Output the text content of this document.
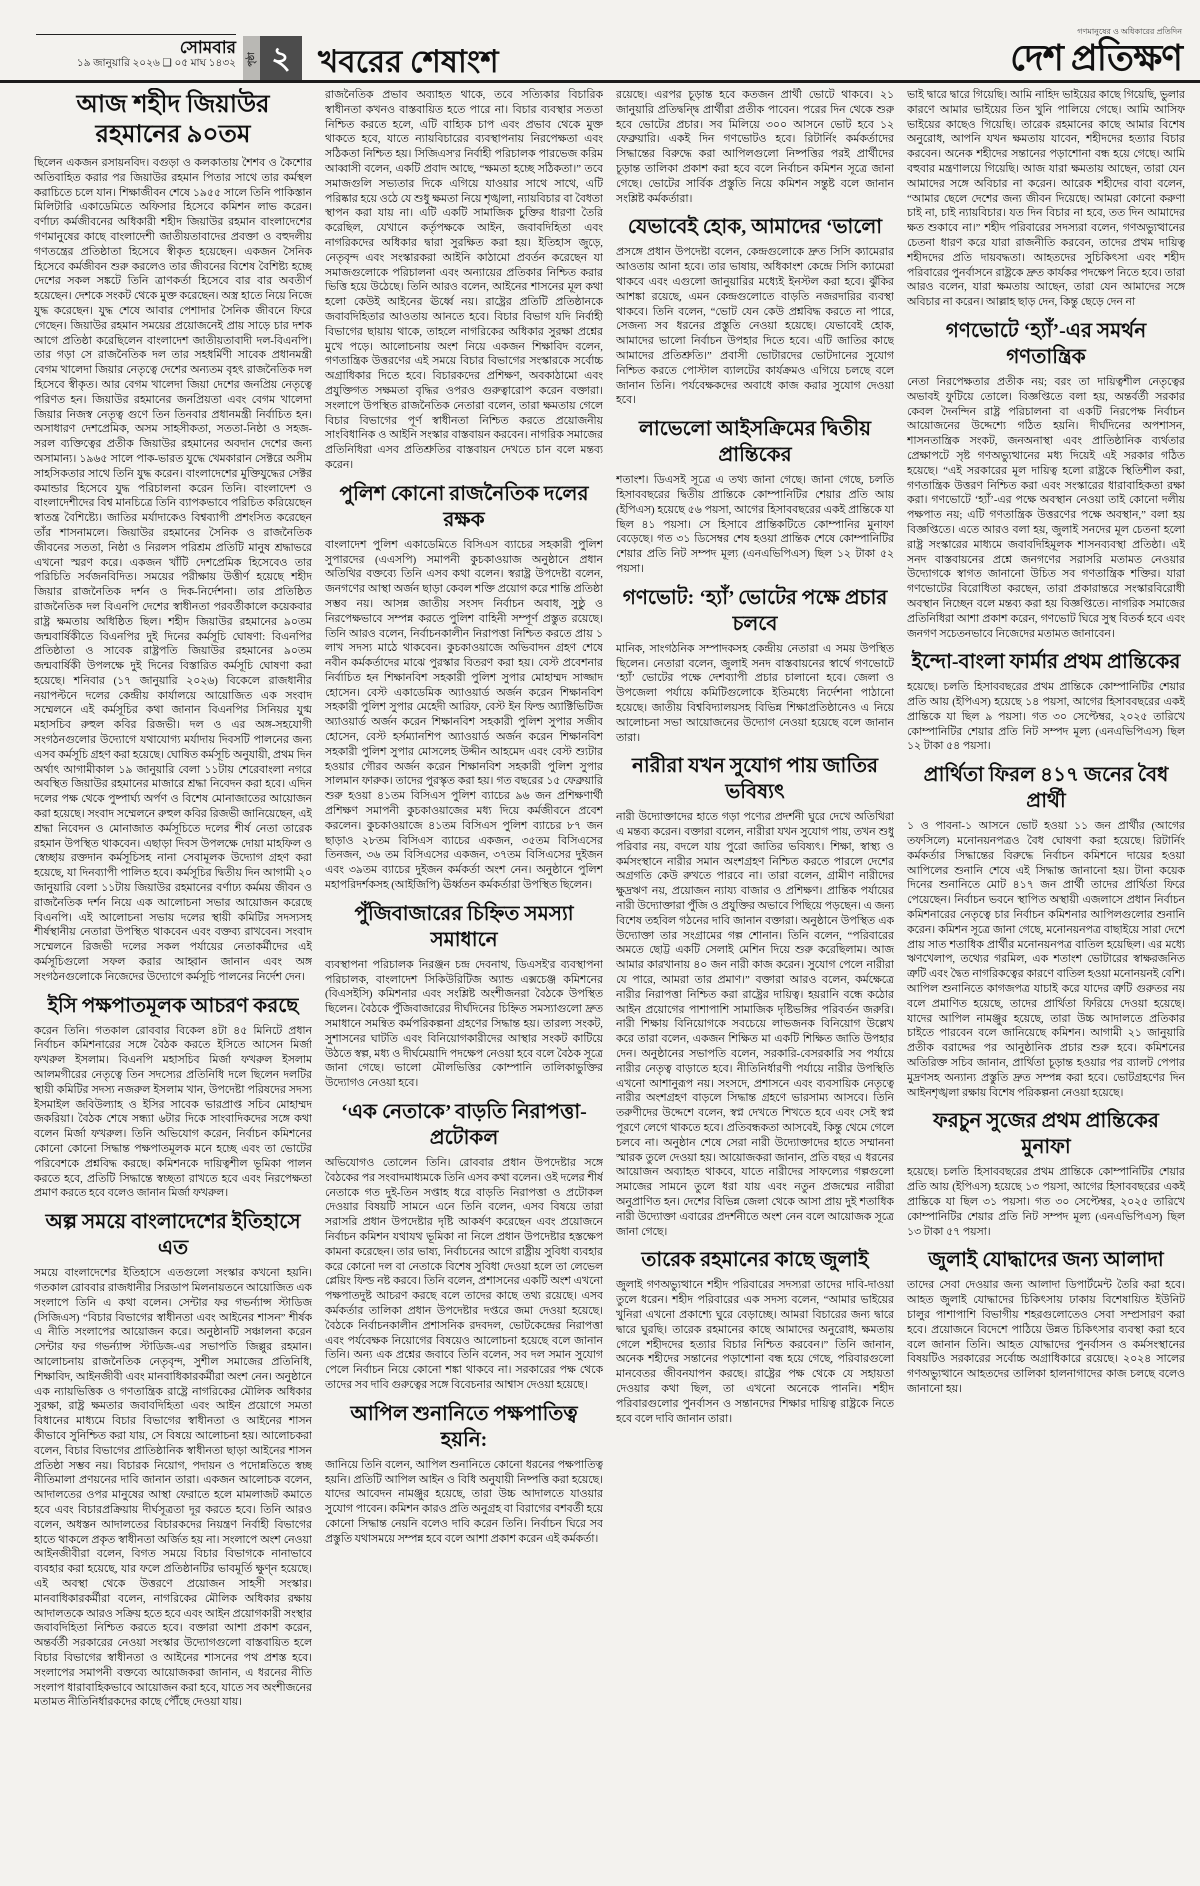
সোমবার
১৯ জানুয়ারি ২০২৬ ❑ ০৫ মাঘ ১৪৩২ পৃষ্ঠা ২ খবরের শেষাংশ
গণমানুষের ও অধিকারের প্রতিদিন
দেশ প্রতিক্ষণ
আজ শহীদ জিয়াউর রহমানের ৯০তম
ছিলেন একজন রসায়নবিদ। বগুড়া ও কলকাতায় শৈশব ও কৈশোর অতিবাহিত করার পর জিয়াউর রহমান পিতার সাথে তার কর্মস্থল করাচিতে চলে যান। শিক্ষাজীবন শেষে ১৯৫৫ সালে তিনি পাকিস্তান মিলিটারি একাডেমিতে অফিসার হিসেবে কমিশন লাভ করেন। বর্ণাঢ্য কর্মজীবনের অধিকারী শহীদ জিয়াউর রহমান বাংলাদেশের গণমানুষের কাছে বাংলাদেশী জাতীয়তাবাদের প্রবক্তা ও বহুদলীয় গণতন্ত্রের প্রতিষ্ঠাতা হিসেবে স্বীকৃত হয়েছেন। একজন সৈনিক হিসেবে কর্মজীবন শুরু করলেও তার জীবনের বিশেষ বৈশিষ্ট্য হচ্ছে দেশের সকল সঙ্কটে তিনি ত্রাণকর্তা হিসেবে বার বার অবতীর্ণ হয়েছেন। দেশকে সংকট থেকে মুক্ত করেছেন। অস্ত্র হাতে নিয়ে নিজে যুদ্ধ করেছেন। যুদ্ধ শেষে আবার পেশাদার সৈনিক জীবনে ফিরে গেছেন। জিয়াউর রহমান সময়ের প্রয়োজনেই প্রায় সাড়ে চার দশক আগে প্রতিষ্ঠা করেছিলেন বাংলাদেশ জাতীয়তাবাদী দল-বিএনপি। তার গড়া সে রাজনৈতিক দল তার সহধর্মিণী সাবেক প্রধানমন্ত্রী বেগম খালেদা জিয়ার নেতৃত্বে দেশের অন্যতম বৃহৎ রাজনৈতিক দল হিসেবে স্বীকৃত। আর বেগম খালেদা জিয়া দেশের জনপ্রিয় নেতৃত্বে পরিণত হন। জিয়াউর রহমানের জনপ্রিয়তা এবং বেগম খালেদা জিয়ার নিজস্ব নেতৃত্ব গুণে তিন তিনবার প্রধানমন্ত্রী নির্বাচিত হন। অসাধারণ দেশপ্রেমিক, অসম সাহসীকতা, সততা-নিষ্ঠা ও সহজ-সরল ব্যক্তিত্বের প্রতীক জিয়াউর রহমানের অবদান দেশের জন্য অসামান্য। ১৯৬৫ সালে পাক-ভারত যুদ্ধে খেমকারান সেক্টরে অসীম সাহসিকতার সাথে তিনি যুদ্ধ করেন। বাংলাদেশের মুক্তিযুদ্ধের সেক্টর কমান্ডার হিসেবে যুদ্ধ পরিচালনা করেন তিনি। বাংলাদেশ ও বাংলাদেশীদের বিশ্ব মানচিত্রে তিনি ব্যাপকভাবে পরিচিত করিয়েছেন স্বাতন্ত্র বৈশিষ্ট্যে। জাতির মর্যাদাকেও বিশ্বব্যাপী প্রশংসিত করেছেন তাঁর শাসনামলে। জিয়াউর রহমানের সৈনিক ও রাজনৈতিক জীবনের সততা, নিষ্ঠা ও নিরলস পরিশ্রম প্রতিটি মানুষ শ্রদ্ধাভরে এখনো স্মরণ করে। একজন খাঁটি দেশপ্রেমিক হিসেবেও তার পরিচিতি সর্বজনবিদিত। সময়ের পরীক্ষায় উত্তীর্ণ হয়েছে শহীদ জিয়ার রাজনৈতিক দর্শন ও দিক-নির্দেশনা। তার প্রতিষ্ঠিত রাজনৈতিক দল বিএনপি দেশের স্বাধীনতা পরবর্তীকালে কয়েকবার রাষ্ট্র ক্ষমতায় অধিষ্ঠিত ছিল। শহীদ জিয়াউর রহমানের ৯০তম জন্মবার্ষিকীতে বিএনপির দুই দিনের কর্মসূচি ঘোষণা: বিএনপির প্রতিষ্ঠাতা ও সাবেক রাষ্ট্রপতি জিয়াউর রহমানের ৯০তম জন্মবার্ষিকী উপলক্ষে দুই দিনের বিস্তারিত কর্মসূচি ঘোষণা করা হয়েছে। শনিবার (১৭ জানুয়ারি ২০২৬) বিকেলে রাজধানীর নয়াপল্টনে দলের কেন্দ্রীয় কার্যালয়ে আয়োজিত এক সংবাদ সম্মেলনে এই কর্মসূচির কথা জানান বিএনপির সিনিয়র যুগ্ম মহাসচিব রুহুল কবির রিজভী। দল ও এর অঙ্গ-সহযোগী সংগঠনগুলোর উদ্যোগে যথাযোগ্য মর্যাদায় দিবসটি পালনের জন্য এসব কর্মসূচি গ্রহণ করা হয়েছে। ঘোষিত কর্মসূচি অনুযায়ী, প্রথম দিন অর্থাৎ আগামীকাল ১৯ জানুয়ারি বেলা ১১টায় শেরেবাংলা নগরে অবস্থিত জিয়াউর রহমানের মাজারে শ্রদ্ধা নিবেদন করা হবে। এদিন দলের পক্ষ থেকে পুষ্পার্ঘ্য অর্পণ ও বিশেষ মোনাজাতের আয়োজন করা হয়েছে। সংবাদ সম্মেলনে রুহুল কবির রিজভী জানিয়েছেন, এই শ্রদ্ধা নিবেদন ও মোনাজাত কর্মসূচিতে দলের শীর্ষ নেতা তারেক রহমান উপস্থিত থাকবেন। এছাড়া দিবস উপলক্ষে দোয়া মাহফিল ও স্বেচ্ছায় রক্তদান কর্মসূচিসহ নানা সেবামূলক উদ্যোগ গ্রহণ করা হয়েছে, যা দিনব্যাপী পালিত হবে। কর্মসূচির দ্বিতীয় দিন আগামী ২০ জানুয়ারি বেলা ১১টায় জিয়াউর রহমানের বর্ণাঢ্য কর্মময় জীবন ও রাজনৈতিক দর্শন নিয়ে এক আলোচনা সভার আয়োজন করেছে বিএনপি। এই আলোচনা সভায় দলের স্থায়ী কমিটির সদস্যসহ শীর্ষস্থানীয় নেতারা উপস্থিত থাকবেন এবং বক্তব্য রাখবেন। সংবাদ সম্মেলনে রিজভী দলের সকল পর্যায়ের নেতাকর্মীদের এই কর্মসূচিগুলো সফল করার আহ্বান জানান এবং অঙ্গ সংগঠনগুলোকে নিজেদের উদ্যোগে কর্মসূচি পালনের নির্দেশ দেন।
ইসি পক্ষপাতমূলক আচরণ করছে
করেন তিনি। গতকাল রোববার বিকেল ৪টা ৪৫ মিনিটে প্রধান নির্বাচন কমিশনারের সঙ্গে বৈঠক করতে ইসিতে আসেন মির্জা ফখরুল ইসলাম। বিএনপি মহাসচিব মির্জা ফখরুল ইসলাম আলমগীরের নেতৃত্বে তিন সদস্যের প্রতিনিধি দলে ছিলেন দলটির স্থায়ী কমিটির সদস্য নজরুল ইসলাম খান, উপদেষ্টা পরিষদের সদস্য ইসমাইল জবিউল্যাহ ও ইসির সাবেক ভারপ্রাপ্ত সচিব মোহাম্মদ জকরিয়া। বৈঠক শেষে সন্ধ্যা ৬টার দিকে সাংবাদিকদের সঙ্গে কথা বলেন মির্জা ফখরুল। তিনি অভিযোগ করেন, নির্বাচন কমিশনের কোনো কোনো সিদ্ধান্ত পক্ষপাতমূলক মনে হচ্ছে এবং তা ভোটের পরিবেশকে প্রশ্নবিদ্ধ করছে। কমিশনকে দায়িত্বশীল ভূমিকা পালন করতে হবে, প্রতিটি সিদ্ধান্তে স্বচ্ছতা রাখতে হবে এবং নিরপেক্ষতা প্রমাণ করতে হবে বলেও জানান মির্জা ফখরুল।
অল্প সময়ে বাংলাদেশের ইতিহাসে এত
সময়ে বাংলাদেশের ইতিহাসে এতগুলো সংস্কার কখনো হয়নি। গতকাল রোববার রাজধানীর সিরডাপ মিলনায়তনে আয়োজিত এক সংলাপে তিনি এ কথা বলেন। সেন্টার ফর গভর্ন্যান্স স্টাডিজ (সিজিএস) “বিচার বিভাগের স্বাধীনতা এবং আইনের শাসন” শীর্ষক এ নীতি সংলাপের আয়োজন করে। অনুষ্ঠানটি সঞ্চালনা করেন সেন্টার ফর গভর্ন্যান্স স্টাডিজ-এর সভাপতি জিল্লুর রহমান। আলোচনায় রাজনৈতিক নেতৃবৃন্দ, সুশীল সমাজের প্রতিনিধি, শিক্ষাবিদ, আইনজীবী এবং মানবাধিকারকর্মীরা অংশ নেন। অনুষ্ঠানে এক ন্যায়ভিত্তিক ও গণতান্ত্রিক রাষ্ট্রে নাগরিকের মৌলিক অধিকার সুরক্ষা, রাষ্ট্র ক্ষমতার জবাবদিহিতা এবং আইন প্রয়োগে সমতা বিধানের মাধ্যমে বিচার বিভাগের স্বাধীনতা ও আইনের শাসন কীভাবে সুনিশ্চিত করা যায়, সে বিষয়ে আলোচনা হয়। আলোচকরা বলেন, বিচার বিভাগের প্রাতিষ্ঠানিক স্বাধীনতা ছাড়া আইনের শাসন প্রতিষ্ঠা সম্ভব নয়। বিচারক নিয়োগ, পদায়ন ও পদোন্নতিতে স্বচ্ছ নীতিমালা প্রণয়নের দাবি জানান তারা। একজন আলোচক বলেন, আদালতের ওপর মানুষের আস্থা ফেরাতে হলে মামলাজট কমাতে হবে এবং বিচারপ্রক্রিয়ায় দীর্ঘসূত্রতা দূর করতে হবে। তিনি আরও বলেন, অধস্তন আদালতের বিচারকদের নিয়ন্ত্রণ নির্বাহী বিভাগের হাতে থাকলে প্রকৃত স্বাধীনতা অর্জিত হয় না। সংলাপে অংশ নেওয়া আইনজীবীরা বলেন, বিগত সময়ে বিচার বিভাগকে নানাভাবে ব্যবহার করা হয়েছে, যার ফলে প্রতিষ্ঠানটির ভাবমূর্তি ক্ষুণ্ন হয়েছে। এই অবস্থা থেকে উত্তরণে প্রয়োজন সাহসী সংস্কার। মানবাধিকারকর্মীরা বলেন, নাগরিকের মৌলিক অধিকার রক্ষায় আদালতকে আরও সক্রিয় হতে হবে এবং আইন প্রয়োগকারী সংস্থার জবাবদিহিতা নিশ্চিত করতে হবে। বক্তারা আশা প্রকাশ করেন, অন্তর্বর্তী সরকারের নেওয়া সংস্কার উদ্যোগগুলো বাস্তবায়িত হলে বিচার বিভাগের স্বাধীনতা ও আইনের শাসনের পথ প্রশস্ত হবে। সংলাপের সমাপনী বক্তব্যে আয়োজকরা জানান, এ ধরনের নীতি সংলাপ ধারাবাহিকভাবে আয়োজন করা হবে, যাতে সব অংশীজনের মতামত নীতিনির্ধারকদের কাছে পৌঁছে দেওয়া যায়।
রাজনৈতিক প্রভাব অব্যাহত থাকে, তবে সত্যিকার বিচারিক স্বাধীনতা কখনও বাস্তবায়িত হতে পারে না। বিচার ব্যবস্থার সততা নিশ্চিত করতে হলে, এটি বাহ্যিক চাপ এবং প্রভাব থেকে মুক্ত থাকতে হবে, যাতে ন্যায়বিচারের ব্যবস্থাপনায় নিরপেক্ষতা এবং সঠিকতা নিশ্চিত হয়। সিজিএস'র নির্বাহী পরিচালক পারভেজ করিম আব্বাসী বলেন, একটি প্রবাদ আছে, “ক্ষমতা হচ্ছে সঠিকতা।” তবে সমাজগুলি সভ্যতার দিকে এগিয়ে যাওয়ার সাথে সাথে, এটি পরিষ্কার হয়ে ওঠে যে শুধু ক্ষমতা নিয়ে শৃঙ্খলা, ন্যায়বিচার বা বৈধতা স্থাপন করা যায় না। এটি একটি সামাজিক চুক্তির ধারণা তৈরি করেছিল, যেখানে কর্তৃপক্ষকে আইন, জবাবদিহিতা এবং নাগরিকদের অধিকার দ্বারা সুরক্ষিত করা হয়। ইতিহাস জুড়ে, নেতৃবৃন্দ এবং সংস্কারকরা আইনি কাঠামো প্রবর্তন করেছেন যা সমাজগুলোকে পরিচালনা এবং অন্যায়ের প্রতিকার নিশ্চিত করার ভিত্তি হয়ে উঠেছে। তিনি আরও বলেন, আইনের শাসনের মূল কথা হলো কেউই আইনের ঊর্ধ্বে নয়। রাষ্ট্রের প্রতিটি প্রতিষ্ঠানকে জবাবদিহিতার আওতায় আনতে হবে। বিচার বিভাগ যদি নির্বাহী বিভাগের ছায়ায় থাকে, তাহলে নাগরিকের অধিকার সুরক্ষা প্রশ্নের মুখে পড়ে। আলোচনায় অংশ নিয়ে একজন শিক্ষাবিদ বলেন, গণতান্ত্রিক উত্তরণের এই সময়ে বিচার বিভাগের সংস্কারকে সর্বোচ্চ অগ্রাধিকার দিতে হবে। বিচারকদের প্রশিক্ষণ, অবকাঠামো এবং প্রযুক্তিগত সক্ষমতা বৃদ্ধির ওপরও গুরুত্বারোপ করেন বক্তারা। সংলাপে উপস্থিত রাজনৈতিক নেতারা বলেন, তারা ক্ষমতায় গেলে বিচার বিভাগের পূর্ণ স্বাধীনতা নিশ্চিত করতে প্রয়োজনীয় সাংবিধানিক ও আইনি সংস্কার বাস্তবায়ন করবেন। নাগরিক সমাজের প্রতিনিধিরা এসব প্রতিশ্রুতির বাস্তবায়ন দেখতে চান বলে মন্তব্য করেন।
পুলিশ কোনো রাজনৈতিক দলের রক্ষক
বাংলাদেশ পুলিশ একাডেমিতে বিসিএস ব্যাচের সহকারী পুলিশ সুপারদের (এএসপি) সমাপনী কুচকাওয়াজ অনুষ্ঠানে প্রধান অতিথির বক্তব্যে তিনি এসব কথা বলেন। স্বরাষ্ট্র উপদেষ্টা বলেন, জনগণের আস্থা অর্জন ছাড়া কেবল শক্তি প্রয়োগ করে শান্তি প্রতিষ্ঠা সম্ভব নয়। আসন্ন জাতীয় সংসদ নির্বাচন অবাধ, সুষ্ঠু ও নিরপেক্ষভাবে সম্পন্ন করতে পুলিশ বাহিনী সম্পূর্ণ প্রস্তুত রয়েছে। তিনি আরও বলেন, নির্বাচনকালীন নিরাপত্তা নিশ্চিত করতে প্রায় ১ লাখ সদস্য মাঠে থাকবেন। কুচকাওয়াজে অভিবাদন গ্রহণ শেষে নবীন কর্মকর্তাদের মাঝে পুরস্কার বিতরণ করা হয়। বেস্ট প্রবেশনার নির্বাচিত হন শিক্ষানবিশ সহকারী পুলিশ সুপার মোহাম্মদ সাজ্জাদ হোসেন। বেস্ট একাডেমিক অ্যাওয়ার্ড অর্জন করেন শিক্ষানবিশ সহকারী পুলিশ সুপার মেহেদী আরিফ, বেস্ট ইন ফিল্ড অ্যাক্টিভিটিজ অ্যাওয়ার্ড অর্জন করেন শিক্ষানবিশ সহকারী পুলিশ সুপার সজীব হোসেন, বেস্ট হর্সম্যানশিপ অ্যাওয়ার্ড অর্জন করেন শিক্ষানবিশ সহকারী পুলিশ সুপার মোসলেহ উদ্দীন আহমেদ এবং বেস্ট শ্যুটার হওয়ার গৌরব অর্জন করেন শিক্ষানবিশ সহকারী পুলিশ সুপার সালমান ফারুক। তাদের পুরস্কৃত করা হয়। গত বছরের ১৫ ফেব্রুয়ারি শুরু হওয়া ৪১তম বিসিএস পুলিশ ব্যাচের ৯৬ জন প্রশিক্ষণার্থী প্রশিক্ষণ সমাপনী কুচকাওয়াজের মধ্য দিয়ে কর্মজীবনে প্রবেশ করলেন। কুচকাওয়াজে ৪১তম বিসিএস পুলিশ ব্যাচের ৮৭ জন ছাড়াও ২৮তম বিসিএস ব্যাচের একজন, ৩৫তম বিসিএসের তিনজন, ৩৬ তম বিসিএসের একজন, ৩৭তম বিসিএসের দুইজন এবং ৩৯তম ব্যাচের দুইজন কর্মকর্তা অংশ নেন। অনুষ্ঠানে পুলিশ মহাপরিদর্শকসহ (আইজিপি) ঊর্ধ্বতন কর্মকর্তারা উপস্থিত ছিলেন।
পুঁজিবাজারের চিহ্নিত সমস্যা সমাধানে
ব্যবস্থাপনা পরিচালক নিরঞ্জন চন্দ্র দেবনাথ, ডিএসই'র ব্যবস্থাপনা পরিচালক, বাংলাদেশ সিকিউরিটিজ অ্যান্ড এক্সচেঞ্জ কমিশনের (বিএসইসি) কমিশনার এবং সংশ্লিষ্ট অংশীজনরা বৈঠকে উপস্থিত ছিলেন। বৈঠকে পুঁজিবাজারের দীর্ঘদিনের চিহ্নিত সমস্যাগুলো দ্রুত সমাধানে সমন্বিত কর্মপরিকল্পনা গ্রহণের সিদ্ধান্ত হয়। তারল্য সংকট, সুশাসনের ঘাটতি এবং বিনিয়োগকারীদের আস্থার সংকট কাটিয়ে উঠতে স্বল্প, মধ্য ও দীর্ঘমেয়াদি পদক্ষেপ নেওয়া হবে বলে বৈঠক সূত্রে জানা গেছে। ভালো মৌলভিত্তির কোম্পানি তালিকাভুক্তির উদ্যোগও নেওয়া হবে।
‘এক নেতাকে’ বাড়তি নিরাপত্তা-প্রটোকল
অভিযোগও তোলেন তিনি। রোববার প্রধান উপদেষ্টার সঙ্গে বৈঠকের পর সংবাদমাধ্যমকে তিনি এসব কথা বলেন। ওই দলের শীর্ষ নেতাকে গত দুই-তিন সপ্তাহ ধরে বাড়তি নিরাপত্তা ও প্রটোকল দেওয়ার বিষয়টি সামনে এনে তিনি বলেন, এসব বিষয়ে তারা সরাসরি প্রধান উপদেষ্টার দৃষ্টি আকর্ষণ করেছেন এবং প্রয়োজনে নির্বাচন কমিশন যথাযথ ভূমিকা না নিলে প্রধান উপদেষ্টার হস্তক্ষেপ কামনা করেছেন। তার ভাষ্য, নির্বাচনের আগে রাষ্ট্রীয় সুবিধা ব্যবহার করে কোনো দল বা নেতাকে বিশেষ সুবিধা দেওয়া হলে তা লেভেল প্লেয়িং ফিল্ড নষ্ট করবে। তিনি বলেন, প্রশাসনের একটি অংশ এখনো পক্ষপাতদুষ্ট আচরণ করছে বলে তাদের কাছে তথ্য রয়েছে। এসব কর্মকর্তার তালিকা প্রধান উপদেষ্টার দপ্তরে জমা দেওয়া হয়েছে। বৈঠকে নির্বাচনকালীন প্রশাসনিক রদবদল, ভোটকেন্দ্রের নিরাপত্তা এবং পর্যবেক্ষক নিয়োগের বিষয়েও আলোচনা হয়েছে বলে জানান তিনি। অন্য এক প্রশ্নের জবাবে তিনি বলেন, সব দল সমান সুযোগ পেলে নির্বাচন নিয়ে কোনো শঙ্কা থাকবে না। সরকারের পক্ষ থেকে তাদের সব দাবি গুরুত্বের সঙ্গে বিবেচনার আশ্বাস দেওয়া হয়েছে।
আপিল শুনানিতে পক্ষপাতিত্ব হয়নি:
জানিয়ে তিনি বলেন, আপিল শুনানিতে কোনো ধরনের পক্ষপাতিত্ব হয়নি। প্রতিটি আপিল আইন ও বিধি অনুযায়ী নিষ্পত্তি করা হয়েছে। যাদের আবেদন নামঞ্জুর হয়েছে, তারা উচ্চ আদালতে যাওয়ার সুযোগ পাবেন। কমিশন কারও প্রতি অনুগ্রহ বা বিরাগের বশবর্তী হয়ে কোনো সিদ্ধান্ত নেয়নি বলেও দাবি করেন তিনি। নির্বাচন ঘিরে সব প্রস্তুতি যথাসময়ে সম্পন্ন হবে বলে আশা প্রকাশ করেন এই কর্মকর্তা।
রয়েছে। এরপর চূড়ান্ত হবে কতজন প্রার্থী ভোটে থাকবে। ২১ জানুয়ারি প্রতিদ্বন্দ্বি প্রার্থীরা প্রতীক পাবেন। পরের দিন থেকে শুরু হবে ভোটের প্রচার। সব মিলিয়ে ৩০০ আসনে ভোট হবে ১২ ফেব্রুয়ারি। একই দিন গণভোটও হবে। রিটার্নিং কর্মকর্তাদের সিদ্ধান্তের বিরুদ্ধে করা আপিলগুলো নিষ্পত্তির পরই প্রার্থীদের চূড়ান্ত তালিকা প্রকাশ করা হবে বলে নির্বাচন কমিশন সূত্রে জানা গেছে। ভোটের সার্বিক প্রস্তুতি নিয়ে কমিশন সন্তুষ্ট বলে জানান সংশ্লিষ্ট কর্মকর্তারা।
যেভাবেই হোক, আমাদের ‘ভালো
প্রসঙ্গে প্রধান উপদেষ্টা বলেন, কেন্দ্রগুলোকে দ্রুত সিসি ক্যামেরার আওতায় আনা হবে। তার ভাষায়, অধিকাংশ কেন্দ্রে সিসি ক্যামেরা থাকবে এবং এগুলো জানুয়ারির মধ্যেই ইনস্টল করা হবে। ঝুঁকির আশঙ্কা রয়েছে, এমন কেন্দ্রগুলোতে বাড়তি নজরদারির ব্যবস্থা থাকবে। তিনি বলেন, “ভোট যেন কেউ প্রশ্নবিদ্ধ করতে না পারে, সেজন্য সব ধরনের প্রস্তুতি নেওয়া হয়েছে। যেভাবেই হোক, আমাদের ভালো নির্বাচন উপহার দিতে হবে। এটি জাতির কাছে আমাদের প্রতিশ্রুতি।” প্রবাসী ভোটারদের ভোটদানের সুযোগ নিশ্চিত করতে পোস্টাল ব্যালটের কার্যক্রমও এগিয়ে চলছে বলে জানান তিনি। পর্যবেক্ষকদের অবাধে কাজ করার সুযোগ দেওয়া হবে।
লাভেলো আইসক্রিমের দ্বিতীয় প্রান্তিকের
শতাংশ। ডিএসই সূত্রে এ তথ্য জানা গেছে। জানা গেছে, চলতি হিসাববছরের দ্বিতীয় প্রান্তিকে কোম্পানিটির শেয়ার প্রতি আয় (ইপিএস) হয়েছে ৫৬ পয়সা, আগের হিসাববছরের একই প্রান্তিকে যা ছিল ৪১ পয়সা। সে হিসাবে প্রান্তিকটিতে কোম্পানির মুনাফা বেড়েছে। গত ৩১ ডিসেম্বর শেষ হওয়া প্রান্তিক শেষে কোম্পানিটির শেয়ার প্রতি নিট সম্পদ মূল্য (এনএভিপিএস) ছিল ১২ টাকা ৫২ পয়সা।
গণভোট: ‘হ্যাঁ’ ভোটের পক্ষে প্রচার চলবে
মানিক, সাংগঠনিক সম্পাদকসহ কেন্দ্রীয় নেতারা এ সময় উপস্থিত ছিলেন। নেতারা বলেন, জুলাই সনদ বাস্তবায়নের স্বার্থে গণভোটে ‘হ্যাঁ’ ভোটের পক্ষে দেশব্যাপী প্রচার চালানো হবে। জেলা ও উপজেলা পর্যায়ে কমিটিগুলোকে ইতিমধ্যে নির্দেশনা পাঠানো হয়েছে। জাতীয় বিশ্ববিদ্যালয়সহ বিভিন্ন শিক্ষাপ্রতিষ্ঠানেও এ নিয়ে আলোচনা সভা আয়োজনের উদ্যোগ নেওয়া হয়েছে বলে জানান তারা।
নারীরা যখন সুযোগ পায় জাতির ভবিষ্যৎ
নারী উদ্যোক্তাদের হাতে গড়া পণ্যের প্রদর্শনী ঘুরে দেখে অতিথিরা এ মন্তব্য করেন। বক্তারা বলেন, নারীরা যখন সুযোগ পায়, তখন শুধু পরিবার নয়, বদলে যায় পুরো জাতির ভবিষ্যৎ। শিক্ষা, স্বাস্থ্য ও কর্মসংস্থানে নারীর সমান অংশগ্রহণ নিশ্চিত করতে পারলে দেশের অগ্রগতি কেউ রুখতে পারবে না। তারা বলেন, গ্রামীণ নারীদের ক্ষুদ্রঋণ নয়, প্রয়োজন ন্যায্য বাজার ও প্রশিক্ষণ। প্রান্তিক পর্যায়ের নারী উদ্যোক্তারা পুঁজি ও প্রযুক্তির অভাবে পিছিয়ে পড়ছেন। এ জন্য বিশেষ তহবিল গঠনের দাবি জানান বক্তারা। অনুষ্ঠানে উপস্থিত এক উদ্যোক্তা তার সংগ্রামের গল্প শোনান। তিনি বলেন, “পরিবারের অমতে ছোট্ট একটি সেলাই মেশিন দিয়ে শুরু করেছিলাম। আজ আমার কারখানায় ৪০ জন নারী কাজ করেন। সুযোগ পেলে নারীরা যে পারে, আমরা তার প্রমাণ।” বক্তারা আরও বলেন, কর্মক্ষেত্রে নারীর নিরাপত্তা নিশ্চিত করা রাষ্ট্রের দায়িত্ব। হয়রানি বন্ধে কঠোর আইন প্রয়োগের পাশাপাশি সামাজিক দৃষ্টিভঙ্গির পরিবর্তন জরুরি। নারী শিক্ষায় বিনিয়োগকে সবচেয়ে লাভজনক বিনিয়োগ উল্লেখ করে তারা বলেন, একজন শিক্ষিত মা একটি শিক্ষিত জাতি উপহার দেন। অনুষ্ঠানের সভাপতি বলেন, সরকারি-বেসরকারি সব পর্যায়ে নারীর নেতৃত্ব বাড়াতে হবে। নীতিনির্ধারণী পর্যায়ে নারীর উপস্থিতি এখনো আশানুরূপ নয়। সংসদে, প্রশাসনে এবং ব্যবসায়িক নেতৃত্বে নারীর অংশগ্রহণ বাড়লে সিদ্ধান্ত গ্রহণে ভারসাম্য আসবে। তিনি তরুণীদের উদ্দেশে বলেন, স্বপ্ন দেখতে শিখতে হবে এবং সেই স্বপ্ন পূরণে লেগে থাকতে হবে। প্রতিবন্ধকতা আসবেই, কিন্তু থেমে গেলে চলবে না। অনুষ্ঠান শেষে সেরা নারী উদ্যোক্তাদের হাতে সম্মাননা স্মারক তুলে দেওয়া হয়। আয়োজকরা জানান, প্রতি বছর এ ধরনের আয়োজন অব্যাহত থাকবে, যাতে নারীদের সাফল্যের গল্পগুলো সমাজের সামনে তুলে ধরা যায় এবং নতুন প্রজন্মের নারীরা অনুপ্রাণিত হন। দেশের বিভিন্ন জেলা থেকে আসা প্রায় দুই শতাধিক নারী উদ্যোক্তা এবারের প্রদর্শনীতে অংশ নেন বলে আয়োজক সূত্রে জানা গেছে।
তারেক রহমানের কাছে জুলাই
জুলাই গণঅভ্যুত্থানে শহীদ পরিবারের সদস্যরা তাদের দাবি-দাওয়া তুলে ধরেন। শহীদ পরিবারের এক সদস্য বলেন, “আমার ভাইয়ের খুনিরা এখনো প্রকাশ্যে ঘুরে বেড়াচ্ছে। আমরা বিচারের জন্য দ্বারে দ্বারে ঘুরছি। তারেক রহমানের কাছে আমাদের অনুরোধ, ক্ষমতায় গেলে শহীদদের হত্যার বিচার নিশ্চিত করবেন।” তিনি জানান, অনেক শহীদের সন্তানের পড়াশোনা বন্ধ হয়ে গেছে, পরিবারগুলো মানবেতর জীবনযাপন করছে। রাষ্ট্রের পক্ষ থেকে যে সহায়তা দেওয়ার কথা ছিল, তা এখনো অনেকে পাননি। শহীদ পরিবারগুলোর পুনর্বাসন ও সন্তানদের শিক্ষার দায়িত্ব রাষ্ট্রকে নিতে হবে বলে দাবি জানান তারা।
ভাই দ্বারে দ্বারে গিয়েছি। আমি নাহিদ ভাইয়ের কাছে গিয়েছি, ভুলার কারণে আমার ভাইয়ের তিন খুনি পালিয়ে গেছে। আমি আসিফ ভাইয়ের কাছেও গিয়েছি। তারেক রহমানের কাছে আমার বিশেষ অনুরোধ, আপনি যখন ক্ষমতায় যাবেন, শহীদদের হত্যার বিচার করবেন। অনেক শহীদের সন্তানের পড়াশোনা বন্ধ হয়ে গেছে। আমি বহুবার মন্ত্রণালয়ে গিয়েছি। আজ যারা ক্ষমতায় আছেন, তারা যেন আমাদের সঙ্গে অবিচার না করেন। আরেক শহীদের বাবা বলেন, “আমার ছেলে দেশের জন্য জীবন দিয়েছে। আমরা কোনো করুণা চাই না, চাই ন্যায়বিচার। যত দিন বিচার না হবে, তত দিন আমাদের ক্ষত শুকাবে না।” শহীদ পরিবারের সদস্যরা বলেন, গণঅভ্যুত্থানের চেতনা ধারণ করে যারা রাজনীতি করবেন, তাদের প্রথম দায়িত্ব শহীদদের প্রতি দায়বদ্ধতা। আহতদের সুচিকিৎসা এবং শহীদ পরিবারের পুনর্বাসনে রাষ্ট্রকে দ্রুত কার্যকর পদক্ষেপ নিতে হবে। তারা আরও বলেন, যারা ক্ষমতায় আছেন, তারা যেন আমাদের সঙ্গে অবিচার না করেন। আল্লাহ ছাড় দেন, কিন্তু ছেড়ে দেন না
গণভোটে ‘হ্যাঁ’-এর সমর্থন গণতান্ত্রিক
নেতা নিরপেক্ষতার প্রতীক নয়; বরং তা দায়িত্বশীল নেতৃত্বের অভাবই ফুটিয়ে তোলে। বিজ্ঞপ্তিতে বলা হয়, অন্তর্বর্তী সরকার কেবল দৈনন্দিন রাষ্ট্র পরিচালনা বা একটি নিরপেক্ষ নির্বাচন আয়োজনের উদ্দেশ্যে গঠিত হয়নি। দীর্ঘদিনের অপশাসন, শাসনতান্ত্রিক সংকট, জনঅনাস্থা এবং প্রাতিষ্ঠানিক ব্যর্থতার প্রেক্ষাপটে সৃষ্ট গণঅভ্যুত্থানের মধ্য দিয়েই এই সরকার গঠিত হয়েছে। “এই সরকারের মূল দায়িত্ব হলো রাষ্ট্রকে স্থিতিশীল করা, গণতান্ত্রিক উত্তরণ নিশ্চিত করা এবং সংস্কারের ধারাবাহিকতা রক্ষা করা। গণভোটে ‘হ্যাঁ’-এর পক্ষে অবস্থান নেওয়া তাই কোনো দলীয় পক্ষপাত নয়; এটি গণতান্ত্রিক উত্তরণের পক্ষে অবস্থান,” বলা হয় বিজ্ঞপ্তিতে। এতে আরও বলা হয়, জুলাই সনদের মূল চেতনা হলো রাষ্ট্র সংস্কারের মাধ্যমে জবাবদিহিমূলক শাসনব্যবস্থা প্রতিষ্ঠা। এই সনদ বাস্তবায়নের প্রশ্নে জনগণের সরাসরি মতামত নেওয়ার উদ্যোগকে স্বাগত জানানো উচিত সব গণতান্ত্রিক শক্তির। যারা গণভোটের বিরোধিতা করছেন, তারা প্রকারান্তরে সংস্কারবিরোধী অবস্থান নিচ্ছেন বলে মন্তব্য করা হয় বিজ্ঞপ্তিতে। নাগরিক সমাজের প্রতিনিধিরা আশা প্রকাশ করেন, গণভোট ঘিরে সুস্থ বিতর্ক হবে এবং জনগণ সচেতনভাবে নিজেদের মতামত জানাবেন।
ইন্দো-বাংলা ফার্মার প্রথম প্রান্তিকের
হয়েছে। চলতি হিসাববছরের প্রথম প্রান্তিকে কোম্পানিটির শেয়ার প্রতি আয় (ইপিএস) হয়েছে ১৪ পয়সা, আগের হিসাববছরের একই প্রান্তিকে যা ছিল ৯ পয়সা। গত ৩০ সেপ্টেম্বর, ২০২৫ তারিখে কোম্পানিটির শেয়ার প্রতি নিট সম্পদ মূল্য (এনএভিপিএস) ছিল ১২ টাকা ৫৪ পয়সা।
প্রার্থিতা ফিরল ৪১৭ জনের বৈধ প্রার্থী
১ ও পাবনা-১ আসনে ভোট হওয়া ১১ জন প্রার্থীর (আগের তফসিলে) মনোনয়নপত্রও বৈধ ঘোষণা করা হয়েছে। রিটার্নিং কর্মকর্তার সিদ্ধান্তের বিরুদ্ধে নির্বাচন কমিশনে দায়ের হওয়া আপিলের শুনানি শেষে এই সিদ্ধান্ত জানানো হয়। টানা কয়েক দিনের শুনানিতে মোট ৪১৭ জন প্রার্থী তাদের প্রার্থিতা ফিরে পেয়েছেন। নির্বাচন ভবনে স্থাপিত অস্থায়ী এজলাসে প্রধান নির্বাচন কমিশনারের নেতৃত্বে চার নির্বাচন কমিশনার আপিলগুলোর শুনানি করেন। কমিশন সূত্রে জানা গেছে, মনোনয়নপত্র বাছাইয়ে সারা দেশে প্রায় সাত শতাধিক প্রার্থীর মনোনয়নপত্র বাতিল হয়েছিল। এর মধ্যে ঋণখেলাপ, তথ্যের গরমিল, এক শতাংশ ভোটারের স্বাক্ষরজনিত ত্রুটি এবং দ্বৈত নাগরিকত্বের কারণে বাতিল হওয়া মনোনয়নই বেশি। আপিল শুনানিতে কাগজপত্র যাচাই করে যাদের ত্রুটি গুরুতর নয় বলে প্রমাণিত হয়েছে, তাদের প্রার্থিতা ফিরিয়ে দেওয়া হয়েছে। যাদের আপিল নামঞ্জুর হয়েছে, তারা উচ্চ আদালতে প্রতিকার চাইতে পারবেন বলে জানিয়েছে কমিশন। আগামী ২১ জানুয়ারি প্রতীক বরাদ্দের পর আনুষ্ঠানিক প্রচার শুরু হবে। কমিশনের অতিরিক্ত সচিব জানান, প্রার্থিতা চূড়ান্ত হওয়ার পর ব্যালট পেপার মুদ্রণসহ অন্যান্য প্রস্তুতি দ্রুত সম্পন্ন করা হবে। ভোটগ্রহণের দিন আইনশৃঙ্খলা রক্ষায় বিশেষ পরিকল্পনা নেওয়া হয়েছে।
ফরচুন সুজের প্রথম প্রান্তিকের মুনাফা
হয়েছে। চলতি হিসাববছরের প্রথম প্রান্তিকে কোম্পানিটির শেয়ার প্রতি আয় (ইপিএস) হয়েছে ১৩ পয়সা, আগের হিসাববছরের একই প্রান্তিকে যা ছিল ৩১ পয়সা। গত ৩০ সেপ্টেম্বর, ২০২৫ তারিখে কোম্পানিটির শেয়ার প্রতি নিট সম্পদ মূল্য (এনএভিপিএস) ছিল ১৩ টাকা ৫৭ পয়সা।
জুলাই যোদ্ধাদের জন্য আলাদা
তাদের সেবা দেওয়ার জন্য আলাদা ডিপার্টমেন্ট তৈরি করা হবে। আহত জুলাই যোদ্ধাদের চিকিৎসায় ঢাকায় বিশেষায়িত ইউনিট চালুর পাশাপাশি বিভাগীয় শহরগুলোতেও সেবা সম্প্রসারণ করা হবে। প্রয়োজনে বিদেশে পাঠিয়ে উন্নত চিকিৎসার ব্যবস্থা করা হবে বলে জানান তিনি। আহত যোদ্ধাদের পুনর্বাসন ও কর্মসংস্থানের বিষয়টিও সরকারের সর্বোচ্চ অগ্রাধিকারে রয়েছে। ২০২৪ সালের গণঅভ্যুত্থানে আহতদের তালিকা হালনাগাদের কাজ চলছে বলেও জানানো হয়।
